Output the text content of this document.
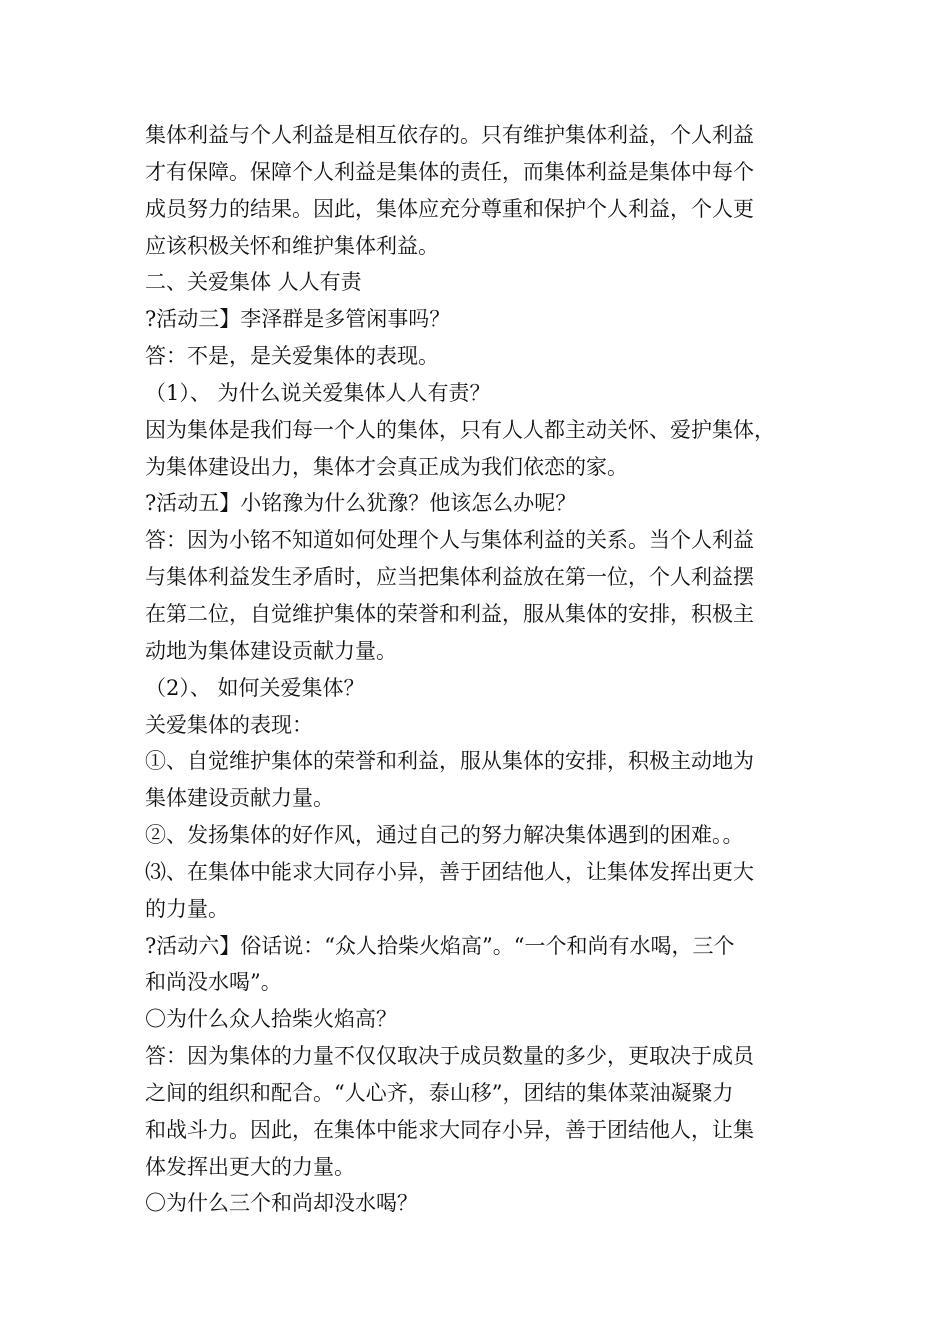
集体利益与个人利益是相互依存的。只有维护集体利益，个人利益
才有保障。保障个人利益是集体的责任，而集体利益是集体中每个
成员努力的结果。因此，集体应充分尊重和保护个人利益，个人更
应该积极关怀和维护集体利益。
二、关爱集体 人人有责
?活动三】李泽群是多管闲事吗？
答：不是，是关爱集体的表现。
（1）、 为什么说关爱集体人人有责？
因为集体是我们每一个人的集体，只有人人都主动关怀、爱护集体，
为集体建设出力，集体才会真正成为我们依恋的家。
?活动五】小铭豫为什么犹豫？他该怎么办呢？
答：因为小铭不知道如何处理个人与集体利益的关系。当个人利益
与集体利益发生矛盾时，应当把集体利益放在第一位，个人利益摆
在第二位，自觉维护集体的荣誉和利益，服从集体的安排，积极主
动地为集体建设贡献力量。
（2）、 如何关爱集体？
关爱集体的表现：
①、自觉维护集体的荣誉和利益，服从集体的安排，积极主动地为
集体建设贡献力量。
②、发扬集体的好作风，通过自己的努力解决集体遇到的困难。。
⑶、在集体中能求大同存小异，善于团结他人，让集体发挥出更大
的力量。
?活动六】俗话说：“众人拾柴火焰高”。“一个和尚有水喝，三个
和尚没水喝”。
〇为什么众人拾柴火焰高？
答：因为集体的力量不仅仅取决于成员数量的多少，更取决于成员
之间的组织和配合。“人心齐，泰山移”，团结的集体菜油凝聚力
和战斗力。因此，在集体中能求大同存小异，善于团结他人，让集
体发挥出更大的力量。
〇为什么三个和尚却没水喝？
